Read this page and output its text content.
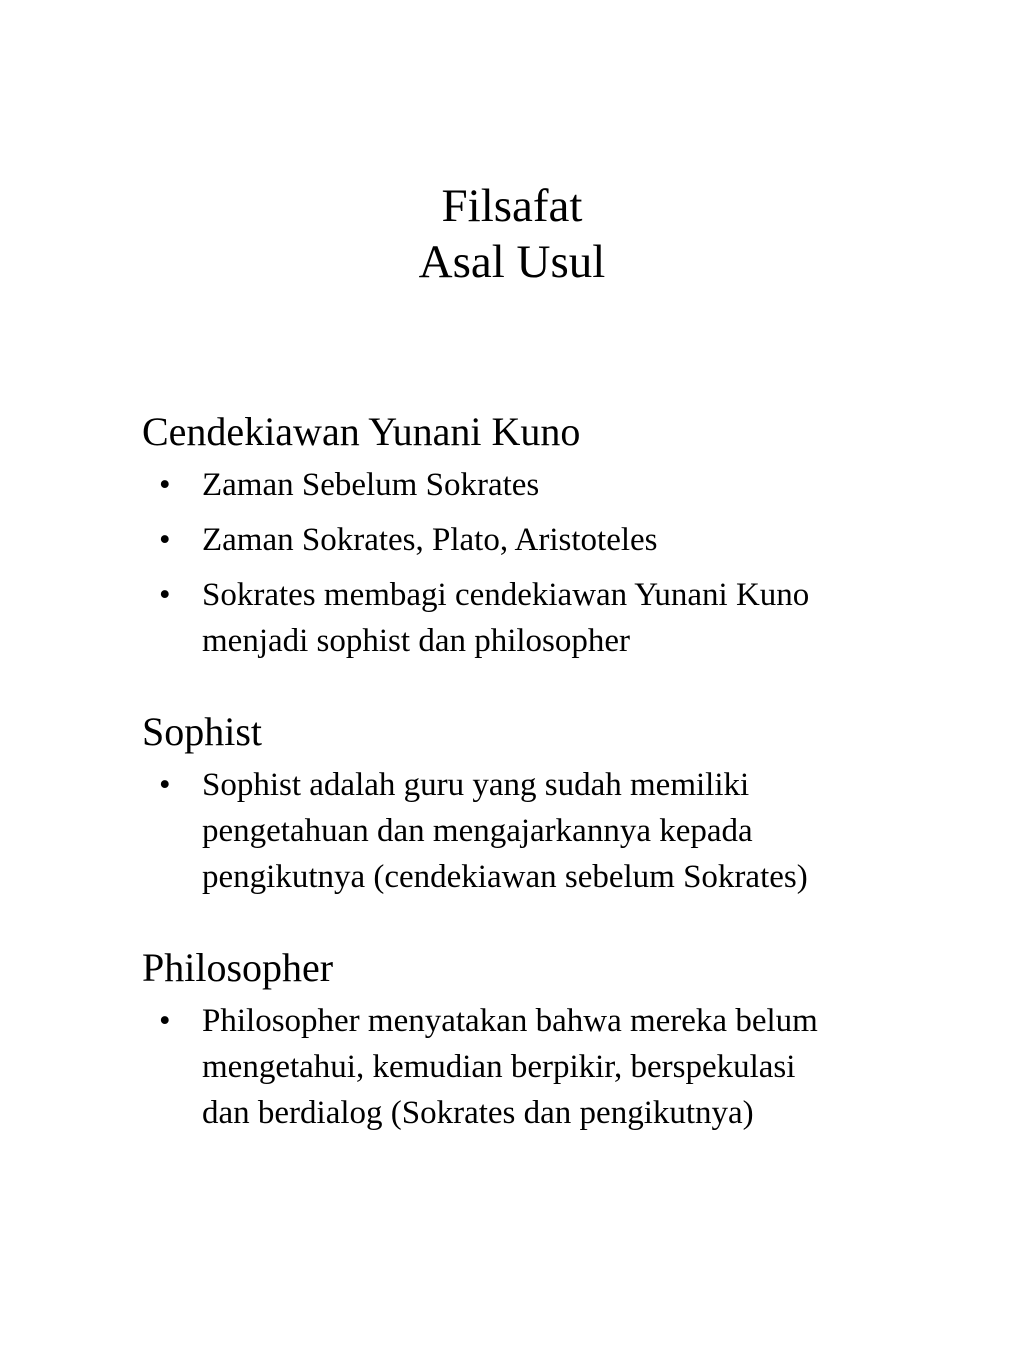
Filsafat
Asal Usul
Cendekiawan Yunani Kuno
• Zaman Sebelum Sokrates
• Zaman Sokrates, Plato, Aristoteles
• Sokrates membagi cendekiawan Yunani Kuno
menjadi sophist dan philosopher
Sophist
• Sophist adalah guru yang sudah memiliki
pengetahuan dan mengajarkannya kepada
pengikutnya (cendekiawan sebelum Sokrates)
Philosopher
• Philosopher menyatakan bahwa mereka belum
mengetahui, kemudian berpikir, berspekulasi
dan berdialog (Sokrates dan pengikutnya)
